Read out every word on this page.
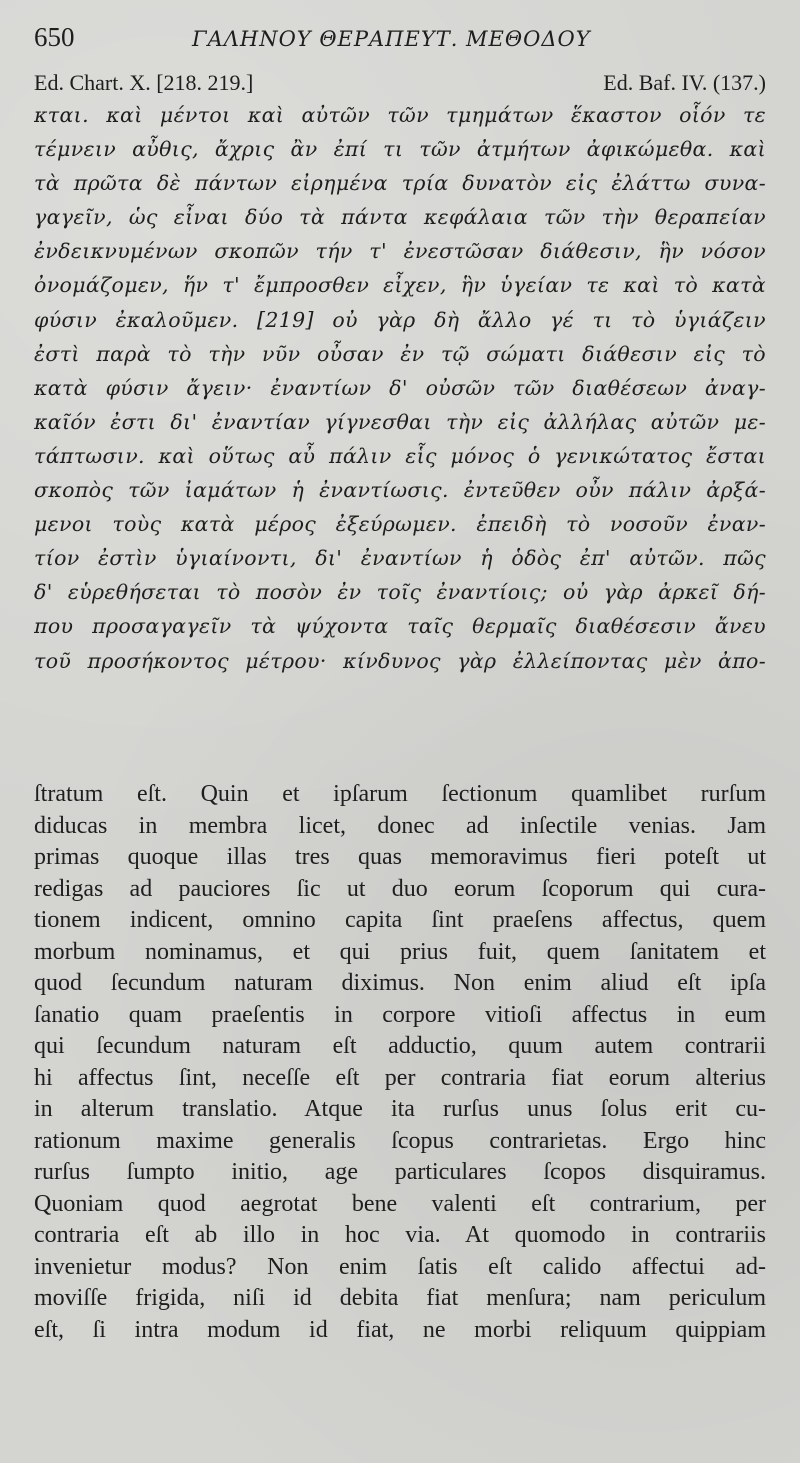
650	ΓΑΛΗΝΟΥ ΘΕΡΑΠΕΥΤ. ΜΕΘΟΔΟΥ
Ed. Chart. X. [218. 219.]	Ed. Baf. IV. (137.)
κται. καὶ μέντοι καὶ αὐτῶν τῶν τμημάτων ἕκαστον οἷόν τε
τέμνειν αὖθις, ἄχρις ἂν ἐπί τι τῶν ἀτμήτων ἀφικώμεθα. καὶ
τὰ πρῶτα δὲ πάντων εἰρημένα τρία δυνατὸν εἰς ἐλάττω συνα-
γαγεῖν, ὡς εἶναι δύο τὰ πάντα κεφάλαια τῶν τὴν θεραπείαν
ἐνδεικνυμένων σκοπῶν τήν τ' ἐνεστῶσαν διάθεσιν, ἣν νόσον
ὀνομάζομεν, ἥν τ' ἔμπροσθεν εἶχεν, ἣν ὑγείαν τε καὶ τὸ κατὰ
φύσιν ἐκαλοῦμεν. [219] οὐ γὰρ δὴ ἄλλο γέ τι τὸ ὑγιάζειν
ἐστὶ παρὰ τὸ τὴν νῦν οὖσαν ἐν τῷ σώματι διάθεσιν εἰς τὸ
κατὰ φύσιν ἄγειν· ἐναντίων δ' οὐσῶν τῶν διαθέσεων ἀναγ-
καῖόν ἐστι δι' ἐναντίαν γίγνεσθαι τὴν εἰς ἀλλήλας αὐτῶν με-
τάπτωσιν. καὶ οὕτως αὖ πάλιν εἷς μόνος ὁ γενικώτατος ἔσται
σκοπὸς τῶν ἰαμάτων ἡ ἐναντίωσις. ἐντεῦθεν οὖν πάλιν ἀρξά-
μενοι τοὺς κατὰ μέρος ἐξεύρωμεν. ἐπειδὴ τὸ νοσοῦν ἐναν-
τίον ἐστὶν ὑγιαίνοντι, δι' ἐναντίων ἡ ὁδὸς ἐπ' αὐτῶν. πῶς
δ' εὑρεθήσεται τὸ ποσὸν ἐν τοῖς ἐναντίοις; οὐ γὰρ ἀρκεῖ δή-
που προσαγαγεῖν τὰ ψύχοντα ταῖς θερμαῖς διαθέσεσιν ἄνευ
τοῦ προσήκοντος μέτρου· κίνδυνος γὰρ ἐλλείποντας μὲν ἀπο-
ſtratum eſt. Quin et ipſarum ſectionum quamlibet rurſum
diducas in membra licet, donec ad inſectile venias. Jam
primas quoque illas tres quas memoravimus fieri poteſt ut
redigas ad pauciores ſic ut duo eorum ſcoporum qui cura-
tionem indicent, omnino capita ſint praeſens affectus, quem
morbum nominamus, et qui prius fuit, quem ſanitatem et
quod ſecundum naturam diximus. Non enim aliud eſt ipſa
ſanatio quam praeſentis in corpore vitioſi affectus in eum
qui ſecundum naturam eſt adductio, quum autem contrarii
hi affectus ſint, neceſſe eſt per contraria fiat eorum alterius
in alterum translatio. Atque ita rurſus unus ſolus erit cu-
rationum maxime generalis ſcopus contrarietas. Ergo hinc
rurſus ſumpto initio, age particulares ſcopos disquiramus.
Quoniam quod aegrotat bene valenti eſt contrarium, per
contraria eſt ab illo in hoc via. At quomodo in contrariis
invenietur modus? Non enim ſatis eſt calido affectui ad-
moviſſe frigida, niſi id debita fiat menſura; nam periculum
eſt, ſi intra modum id fiat, ne morbi reliquum quippiam
